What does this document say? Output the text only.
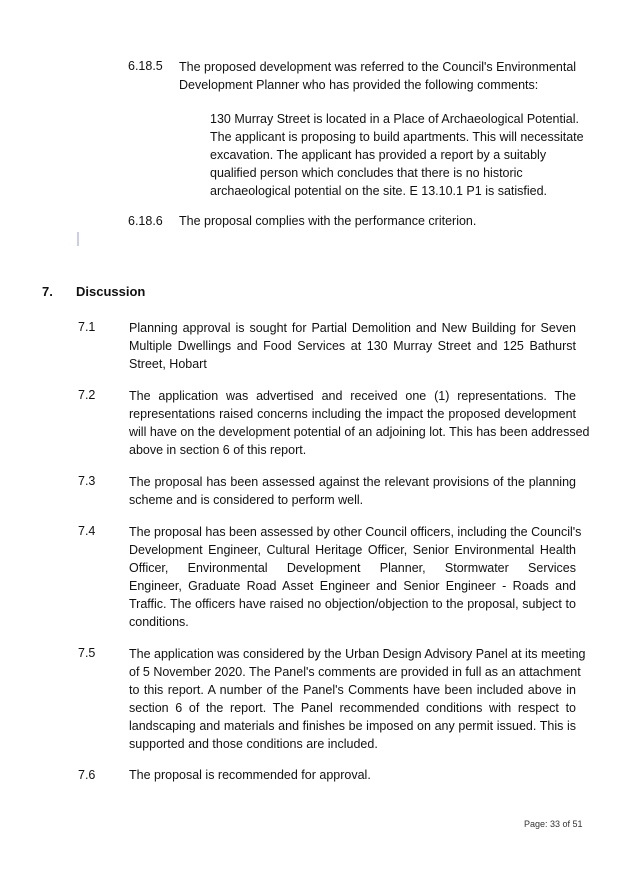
6.18.5 The proposed development was referred to the Council's Environmental
Development Planner who has provided the following comments:
130 Murray Street is located in a Place of Archaeological Potential.
The applicant is proposing to build apartments. This will necessitate
excavation. The applicant has provided a report by a suitably
qualified person which concludes that there is no historic
archaeological potential on the site. E 13.10.1 P1 is satisfied.
6.18.6 The proposal complies with the performance criterion.
7. Discussion
7.1	Planning approval is sought for Partial Demolition and New Building for Seven
Multiple Dwellings and Food Services at 130 Murray Street and 125 Bathurst
Street, Hobart
7.2	The application was advertised and received one (1) representations. The
representations raised concerns including the impact the proposed development
will have on the development potential of an adjoining lot. This has been addressed
above in section 6 of this report.
7.3	The proposal has been assessed against the relevant provisions of the planning
scheme and is considered to perform well.
7.4	The proposal has been assessed by other Council officers, including the Council's
Development Engineer, Cultural Heritage Officer, Senior Environmental Health
Officer, Environmental Development Planner, Stormwater Services
Engineer, Graduate Road Asset Engineer and Senior Engineer - Roads and
Traffic. The officers have raised no objection/objection to the proposal, subject to
conditions.
7.5	The application was considered by the Urban Design Advisory Panel at its meeting
of 5 November 2020. The Panel's comments are provided in full as an attachment
to this report. A number of the Panel's Comments have been included above in
section 6 of the report. The Panel recommended conditions with respect to
landscaping and materials and finishes be imposed on any permit issued. This is
supported and those conditions are included.
7.6	The proposal is recommended for approval.
Page: 33 of 51
